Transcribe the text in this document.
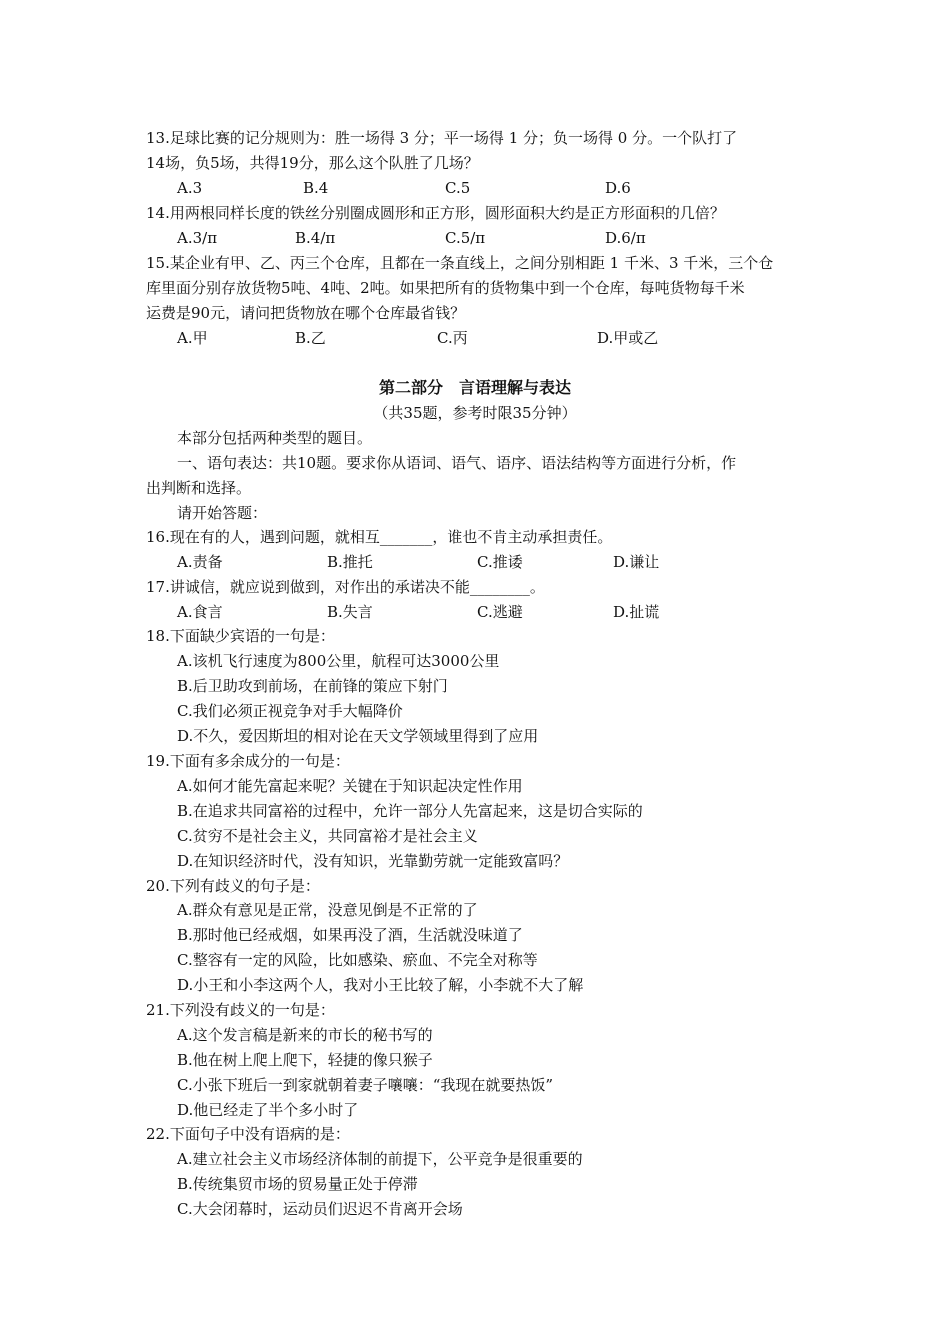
13.足球比赛的记分规则为：胜一场得 3 分；平一场得 1 分；负一场得 0 分。一个队打了
14场，负5场，共得19分，那么这个队胜了几场？
A.3	B.4	C.5	D.6
14.用两根同样长度的铁丝分别圈成圆形和正方形，圆形面积大约是正方形面积的几倍？
A.3/π	B.4/π	C.5/π	D.6/π
15.某企业有甲、乙、丙三个仓库，且都在一条直线上，之间分别相距 1 千米、3 千米，三个仓
库里面分别存放货物5吨、4吨、2吨。如果把所有的货物集中到一个仓库，每吨货物每千米
运费是90元，请问把货物放在哪个仓库最省钱？
A.甲	B.乙	C.丙	D.甲或乙
第二部分　言语理解与表达
（共35题，参考时限35分钟）
本部分包括两种类型的题目。
一、语句表达：共10题。要求你从语词、语气、语序、语法结构等方面进行分析，作
出判断和选择。
请开始答题：
16.现在有的人，遇到问题，就相互_______，谁也不肯主动承担责任。
A.责备	B.推托	C.推诿	D.谦让
17.讲诚信，就应说到做到，对作出的承诺决不能________。
A.食言	B.失言	C.逃避	D.扯谎
18.下面缺少宾语的一句是：
A.该机飞行速度为800公里，航程可达3000公里
B.后卫助攻到前场，在前锋的策应下射门
C.我们必须正视竞争对手大幅降价
D.不久，爱因斯坦的相对论在天文学领域里得到了应用
19.下面有多余成分的一句是：
A.如何才能先富起来呢？关键在于知识起决定性作用
B.在追求共同富裕的过程中，允许一部分人先富起来，这是切合实际的
C.贫穷不是社会主义，共同富裕才是社会主义
D.在知识经济时代，没有知识，光靠勤劳就一定能致富吗？
20.下列有歧义的句子是：
A.群众有意见是正常，没意见倒是不正常的了
B.那时他已经戒烟，如果再没了酒，生活就没味道了
C.整容有一定的风险，比如感染、瘀血、不完全对称等
D.小王和小李这两个人，我对小王比较了解，小李就不大了解
21.下列没有歧义的一句是：
A.这个发言稿是新来的市长的秘书写的
B.他在树上爬上爬下，轻捷的像只猴子
C.小张下班后一到家就朝着妻子嚷嚷：“我现在就要热饭”
D.他已经走了半个多小时了
22.下面句子中没有语病的是：
A.建立社会主义市场经济体制的前提下，公平竞争是很重要的
B.传统集贸市场的贸易量正处于停滞
C.大会闭幕时，运动员们迟迟不肯离开会场
